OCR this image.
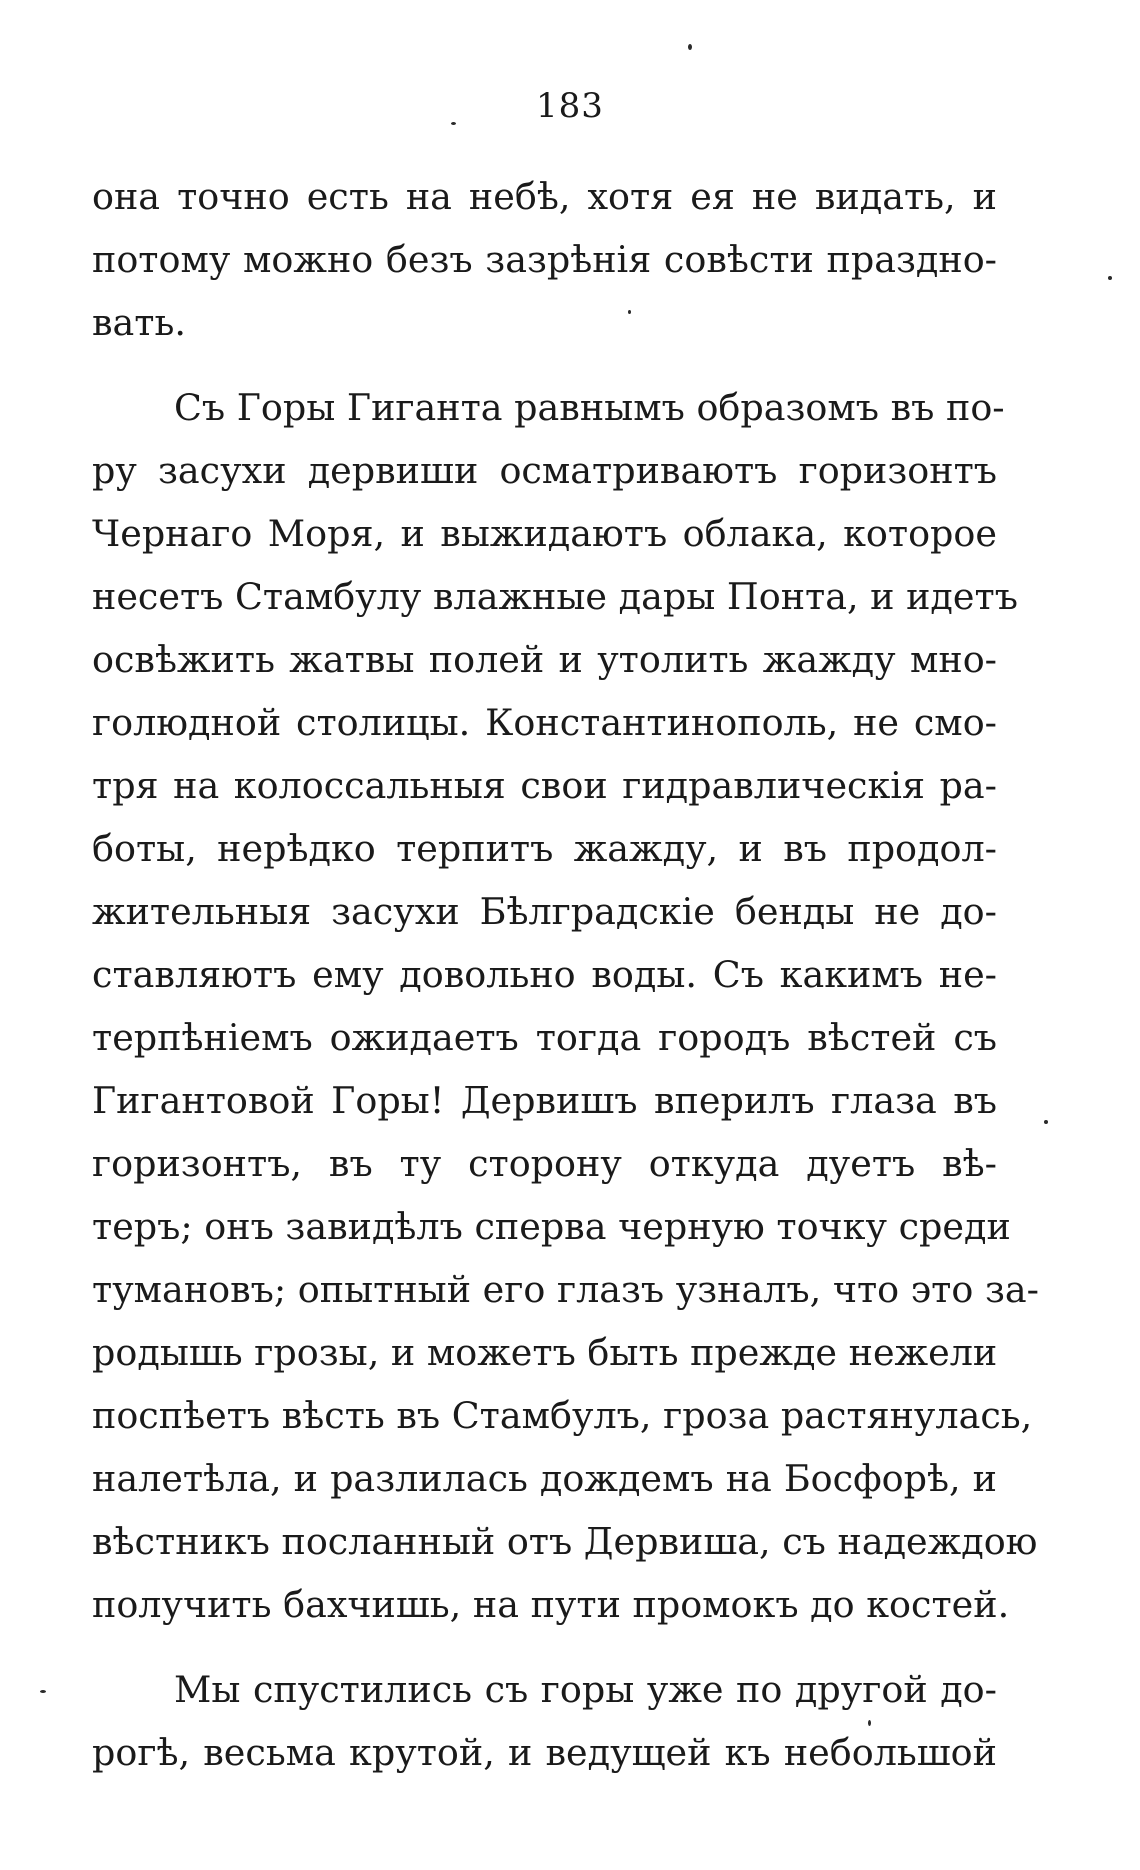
183
она точно есть на небѣ, хотя ея не видать, и
потому можно безъ зазрѣнія совѣсти праздно-
вать.
Съ Горы Гиганта равнымъ образомъ въ по-
ру засухи дервиши осматриваютъ горизонтъ
Чернаго Моря, и выжидаютъ облака, которое
несетъ Стамбулу влажные дары Понта, и идетъ
освѣжить жатвы полей и утолить жажду мно-
голюдной столицы. Константинополь, не смо-
тря на колоссальныя свои гидравлическія ра-
боты, нерѣдко терпитъ жажду, и въ продол-
жительныя засухи Бѣлградскіе бенды не до-
ставляютъ ему довольно воды. Съ какимъ не-
терпѣніемъ ожидаетъ тогда городъ вѣстей съ
Гигантовой Горы! Дервишъ вперилъ глаза въ
горизонтъ, въ ту сторону откуда дуетъ вѣ-
теръ; онъ завидѣлъ сперва черную точку среди
тумановъ; опытный его глазъ узналъ, что это за-
родышь грозы, и можетъ быть прежде нежели
поспѣетъ вѣсть въ Стамбулъ, гроза растянулась,
налетѣла, и разлилась дождемъ на Босфорѣ, и
вѣстникъ посланный отъ Дервиша, съ надеждою
получить бахчишь, на пути промокъ до костей.
Мы спустились съ горы уже по другой до-
рогѣ, весьма крутой, и ведущей къ небольшой
